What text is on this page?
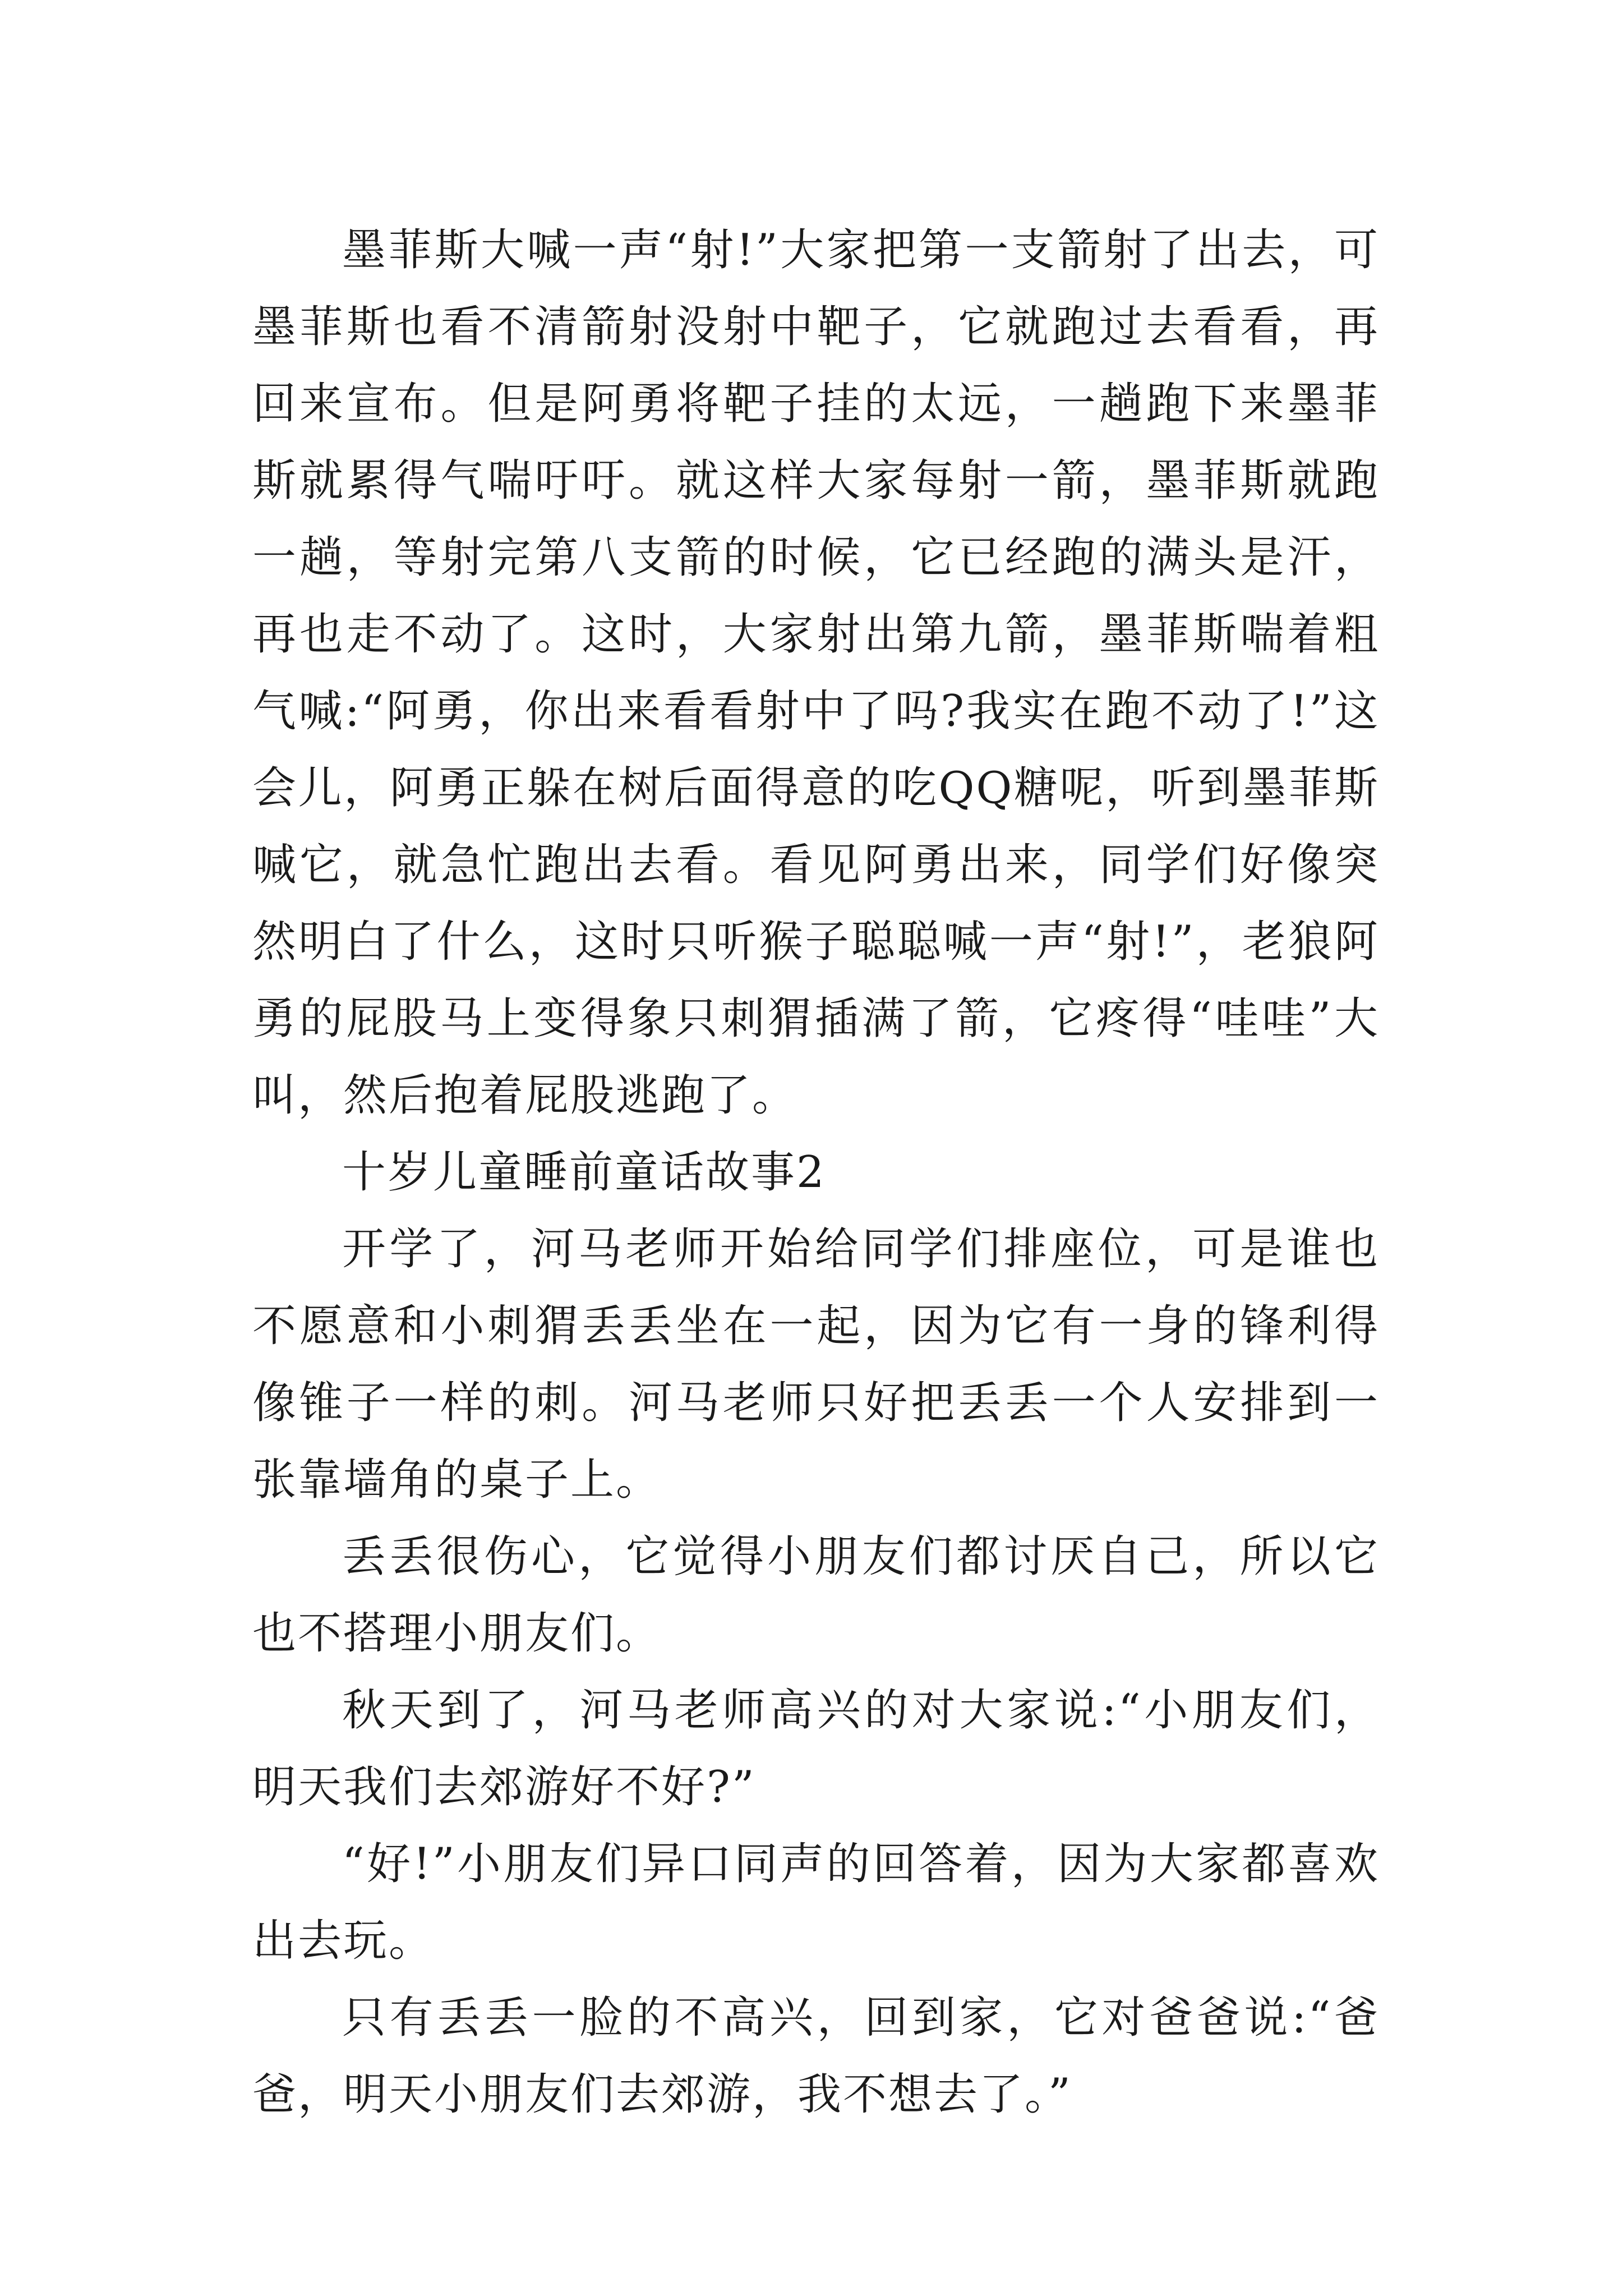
墨菲斯大喊一声“射!”大家把第一支箭射了出去，可墨菲斯也看不清箭射没射中靶子，它就跑过去看看，再回来宣布。但是阿勇将靶子挂的太远，一趟跑下来墨菲斯就累得气喘吁吁。就这样大家每射一箭，墨菲斯就跑一趟，等射完第八支箭的时候，它已经跑的满头是汗，再也走不动了。这时，大家射出第九箭，墨菲斯喘着粗气喊:“阿勇，你出来看看射中了吗?我实在跑不动了!”这会儿，阿勇正躲在树后面得意的吃QQ糖呢，听到墨菲斯喊它，就急忙跑出去看。看见阿勇出来，同学们好像突然明白了什么，这时只听猴子聪聪喊一声“射!”，老狼阿勇的屁股马上变得象只刺猬插满了箭，它疼得“哇哇”大叫，然后抱着屁股逃跑了。

十岁儿童睡前童话故事2

开学了，河马老师开始给同学们排座位，可是谁也不愿意和小刺猬丢丢坐在一起，因为它有一身的锋利得像锥子一样的刺。河马老师只好把丢丢一个人安排到一张靠墙角的桌子上。

丢丢很伤心，它觉得小朋友们都讨厌自己，所以它也不搭理小朋友们。

秋天到了，河马老师高兴的对大家说:“小朋友们，明天我们去郊游好不好?”

“好!”小朋友们异口同声的回答着，因为大家都喜欢出去玩。

只有丢丢一脸的不高兴，回到家，它对爸爸说:“爸爸，明天小朋友们去郊游，我不想去了。”
